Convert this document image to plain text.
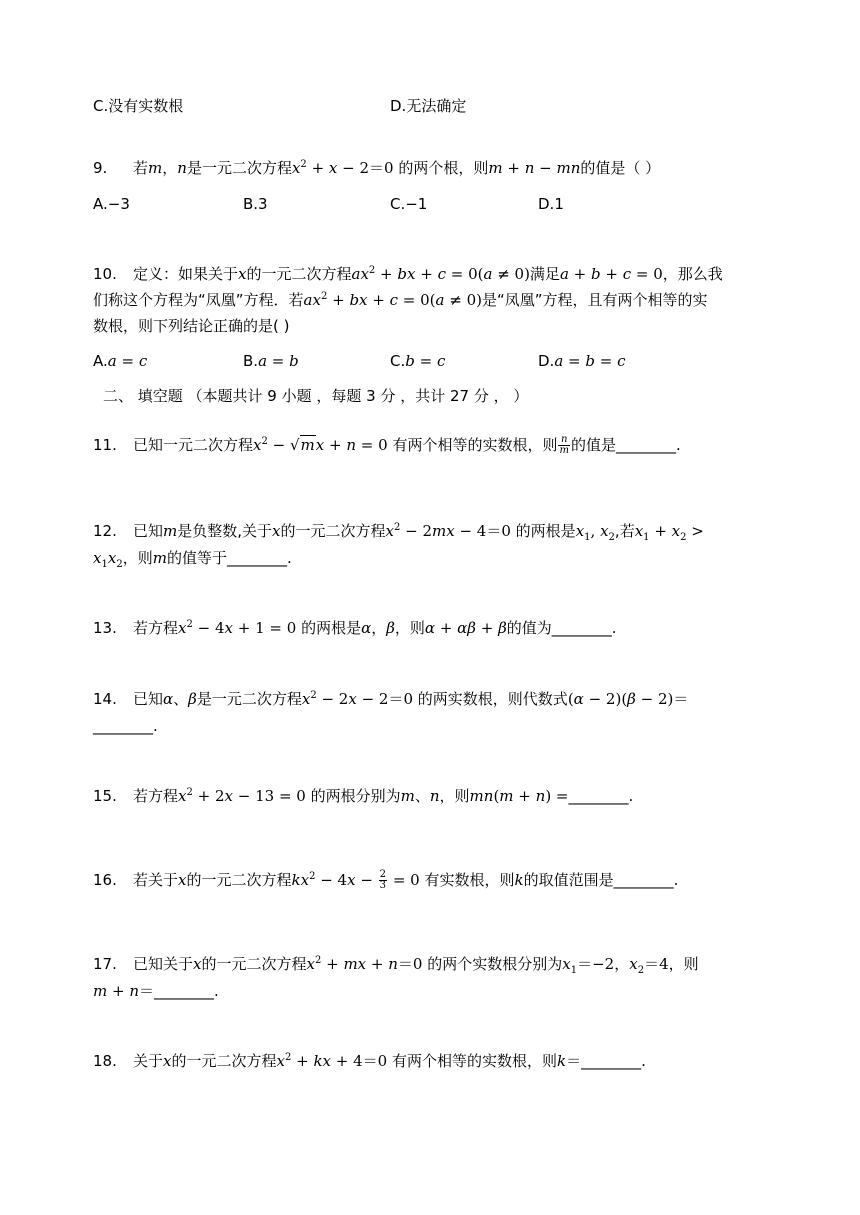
C.没有实数根	D.无法确定
9. 若m，n是一元二次方程$x^2 + x - 2=0$ 的两个根，则m + n − mn的值是（ ）
A.−3	B.3	C.−1	D.1
10. 定义：如果关于x的一元二次方程$ax^2$ + bx + c = 0(a ≠ 0)满足a + b + c = 0，那么我
们称这个方程为“凤凰”方程．若$ax^2$ + bx + c = 0(a ≠ 0)是“凤凰”方程，且有两个相等的实
数根，则下列结论正确的是( )
A.a = c	B.a = b	C.b = c	D.a = b = c
二、 填空题 （本题共计 9 小题 ，每题 3 分 ，共计 27 分 ， ）
11. 已知一元二次方程$x^2 - √mx + n = 0$ 有两个相等的实数根，则 $\frac{n}{m}$ 的值是________.
12. 已知m是负整数,关于x的一元二次方程$x^2 - 2mx - 4=0$ 的两根是$x_1$, $x_2$,若$x_1 + x_2$ >
$x_1x_2$，则m的值等于________.
13. 若方程$x^2 - 4x + 1 = 0$ 的两根是α，β，则α + αβ + β的值为________.
14. 已知α、β是一元二次方程$x^2 - 2x - 2=0$ 的两实数根，则代数式(α − 2)(β − 2)＝
________.
15. 若方程$x^2 + 2x - 13 = 0$ 的两根分别为m、n，则mn(m + n) =________.
16. 若关于x的一元二次方程$kx^2 - 4x - \frac{2}{3} = 0$ 有实数根，则k的取值范围是________.
17. 已知关于x的一元二次方程$x^2$ + mx + n＝0 的两个实数根分别为$x_1=-2$，$x_2=4$，则
m + n＝________.
18. 关于x的一元二次方程$x^2$ + kx + 4＝0 有两个相等的实数根，则k＝________.
